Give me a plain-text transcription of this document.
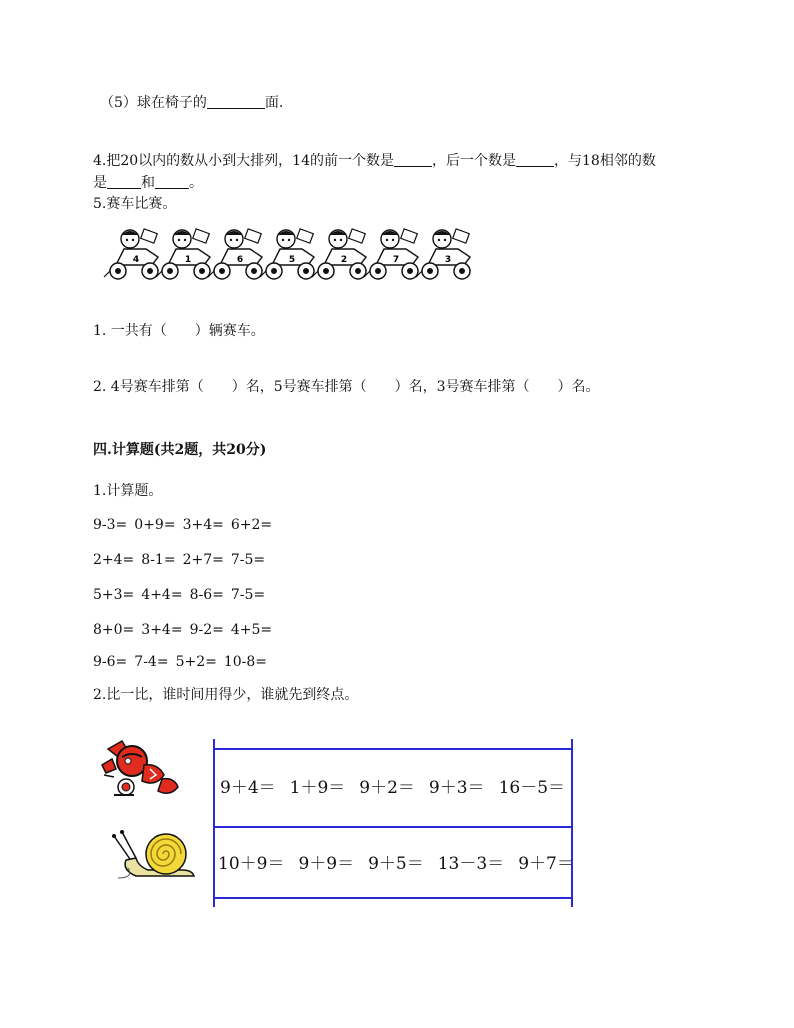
（5）球在椅子的	面.
4.把20以内的数从小到大排列，14的前一个数是	，后一个数是	，与18相邻的数
是 和 。
5.赛车比赛。
4	1	6	5	2	7	3
1. 一共有（　　）辆赛车。
2. 4号赛车排第（　　）名，5号赛车排第（　　）名，3号赛车排第（　　）名。
四.计算题(共2题，共20分)
1.计算题。
9-3= 0+9= 3+4= 6+2=
2+4= 8-1= 2+7= 7-5=
5+3= 4+4= 8-6= 7-5=
8+0= 3+4= 9-2= 4+5=
9-6= 7-4= 5+2= 10-8=
2.比一比，谁时间用得少，谁就先到终点。
9＋4＝ 1＋9＝ 9＋2＝ 9＋3＝ 16－5＝
10＋9＝ 9＋9＝ 9＋5＝ 13－3＝ 9＋7＝
